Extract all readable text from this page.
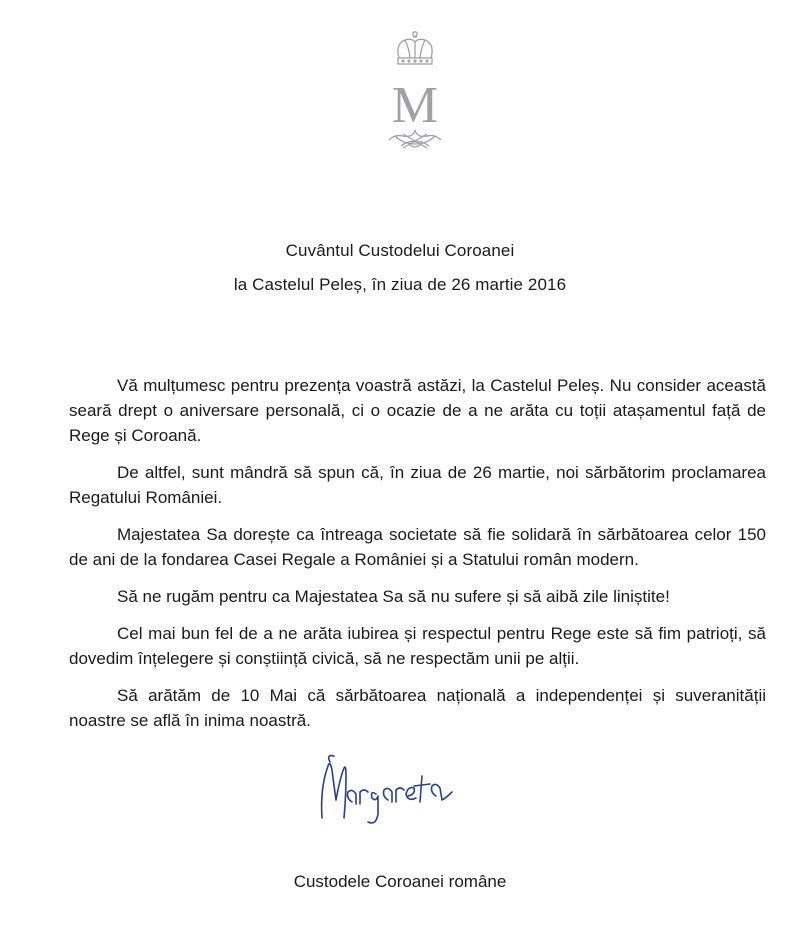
M
Cuvântul Custodelui Coroanei
la Castelul Peleș, în ziua de 26 martie 2016

Vă mulțumesc pentru prezența voastră astăzi, la Castelul Peleș. Nu consider această seară drept o aniversare personală, ci o ocazie de a ne arăta cu toții atașamentul față de Rege și Coroană.

De altfel, sunt mândră să spun că, în ziua de 26 martie, noi sărbătorim proclamarea Regatului României.

Majestatea Sa dorește ca întreaga societate să fie solidară în sărbătoarea celor 150 de ani de la fondarea Casei Regale a României și a Statului român modern.

Să ne rugăm pentru ca Majestatea Sa să nu sufere și să aibă zile liniștite!

Cel mai bun fel de a ne arăta iubirea și respectul pentru Rege este să fim patrioți, să dovedim înțelegere și conștiință civică, să ne respectăm unii pe alții.

Să arătăm de 10 Mai că sărbătoarea națională a independenței și suveranității noastre se află în inima noastră.

Custodele Coroanei române
